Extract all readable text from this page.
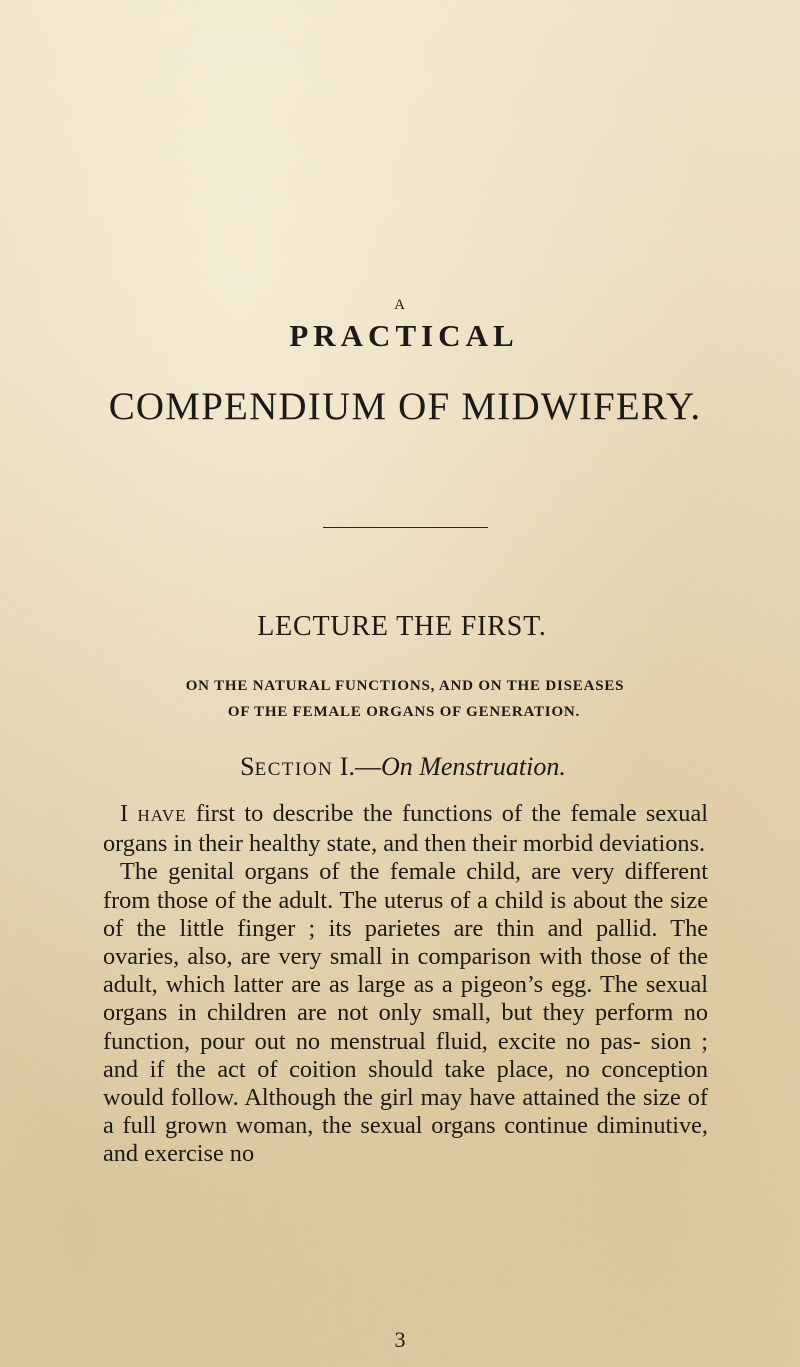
A
PRACTICAL
COMPENDIUM OF MIDWIFERY.
LECTURE THE FIRST.
ON THE NATURAL FUNCTIONS, AND ON THE DISEASES
OF THE FEMALE ORGANS OF GENERATION.
SECTION I.—On Menstruation.

I HAVE first to describe the functions of the female sexual organs in their healthy state, and then their morbid deviations.

The genital organs of the female child, are very different from those of the adult. The uterus of a child is about the size of the little finger ; its parietes are thin and pallid. The ovaries, also, are very small in comparison with those of the adult, which latter are as large as a pigeon’s egg. The sexual organs in children are not only small, but they perform no function, pour out no menstrual fluid, excite no pas- sion ; and if the act of coition should take place, no conception would follow. Although the girl may have attained the size of a full grown woman, the sexual organs continue diminutive, and exercise no

3
